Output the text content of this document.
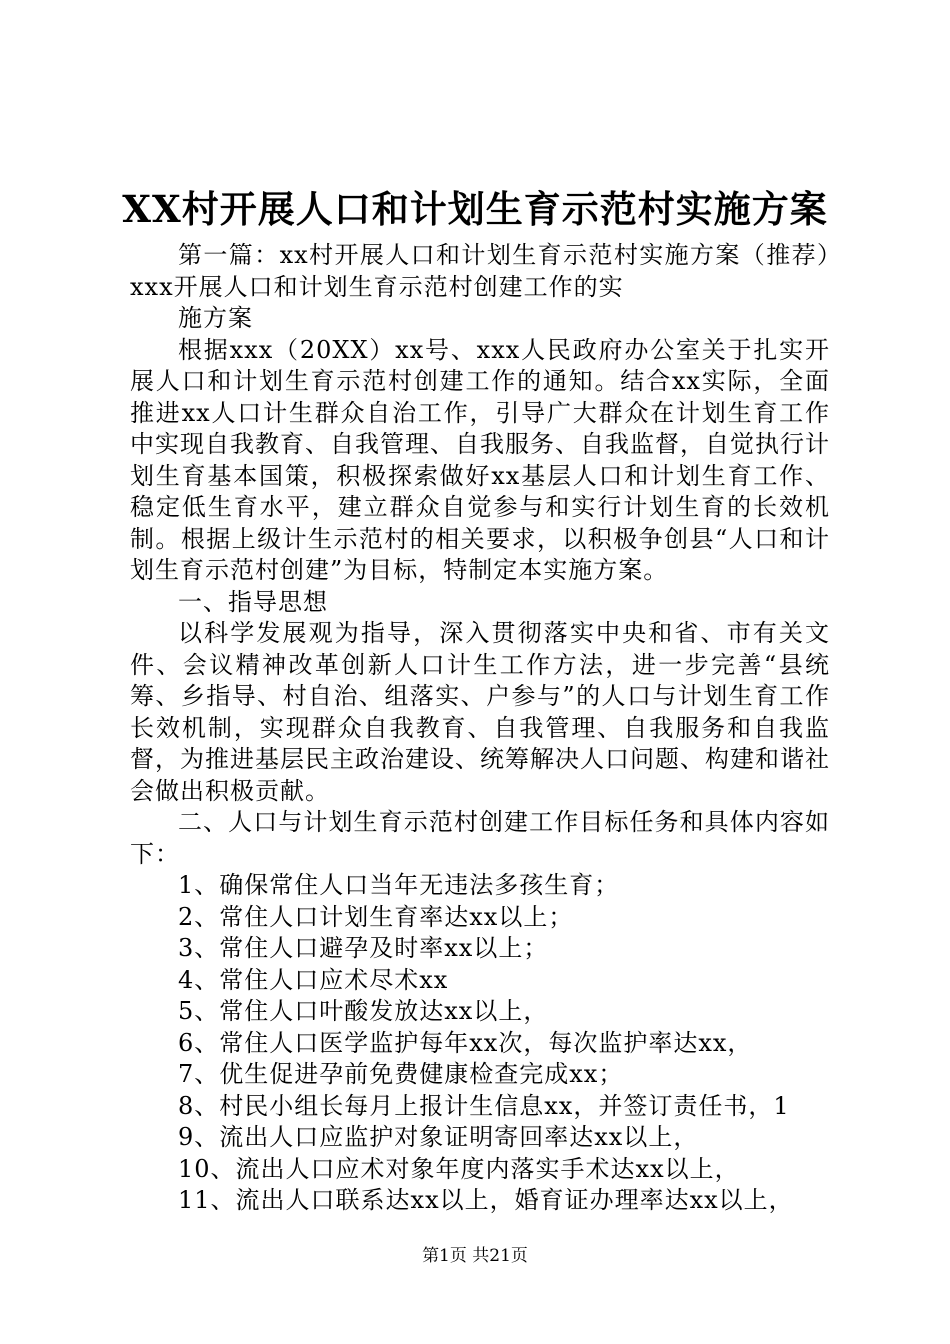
XX村开展人口和计划生育示范村实施方案

第一篇：xx村开展人口和计划生育示范村实施方案（推荐）xxx开展人口和计划生育示范村创建工作的实

施方案

根据xxx（20XX）xx号、xxx人民政府办公室关于扎实开展人口和计划生育示范村创建工作的通知。结合xx实际，全面推进xx人口计生群众自治工作，引导广大群众在计划生育工作中实现自我教育、自我管理、自我服务、自我监督，自觉执行计划生育基本国策，积极探索做好xx基层人口和计划生育工作、稳定低生育水平，建立群众自觉参与和实行计划生育的长效机制。根据上级计生示范村的相关要求，以积极争创县“人口和计划生育示范村创建”为目标，特制定本实施方案。

一、指导思想

以科学发展观为指导，深入贯彻落实中央和省、市有关文件、会议精神改革创新人口计生工作方法，进一步完善“县统筹、乡指导、村自治、组落实、户参与”的人口与计划生育工作长效机制，实现群众自我教育、自我管理、自我服务和自我监督，为推进基层民主政治建设、统筹解决人口问题、构建和谐社会做出积极贡献。

二、人口与计划生育示范村创建工作目标任务和具体内容如下：

1、确保常住人口当年无违法多孩生育；

2、常住人口计划生育率达xx以上；

3、常住人口避孕及时率xx以上；

4、常住人口应术尽术xx

5、常住人口叶酸发放达xx以上，

6、常住人口医学监护每年xx次，每次监护率达xx，

7、优生促进孕前免费健康检查完成xx；

8、村民小组长每月上报计生信息xx，并签订责任书，1

9、流出人口应监护对象证明寄回率达xx以上，

10、流出人口应术对象年度内落实手术达xx以上，

11、流出人口联系达xx以上，婚育证办理率达xx以上，

第1页 共21页
